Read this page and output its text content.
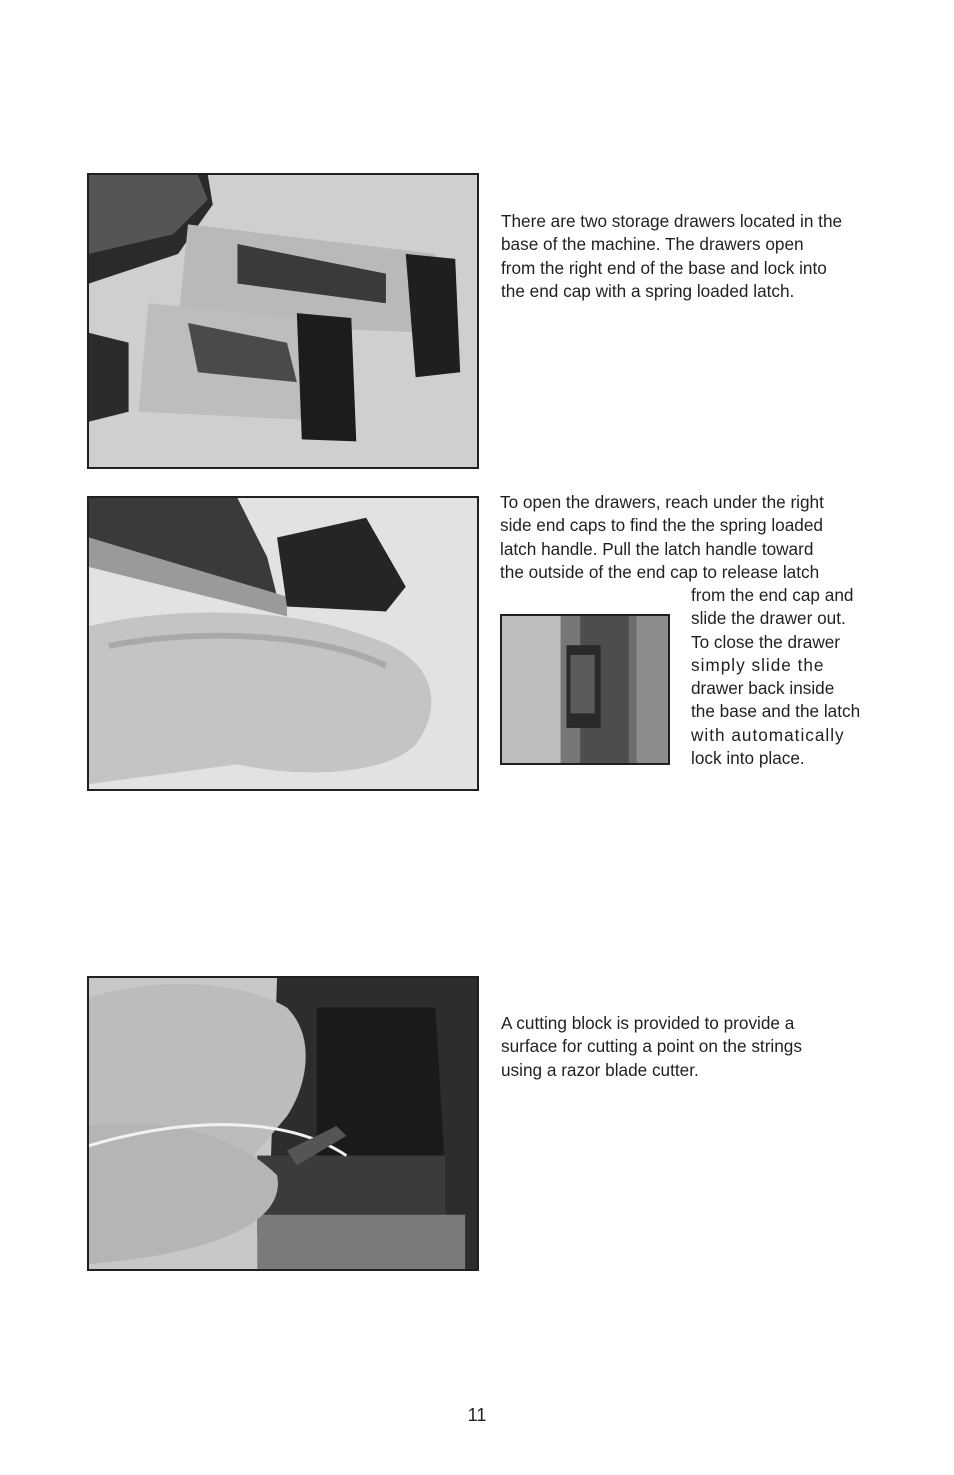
There are two storage drawers located in the
base of the machine. The drawers open
from the right end of the base and lock into
the end cap with a spring loaded latch.
To open the drawers, reach under the right
side end caps to find the the spring loaded
latch handle. Pull the latch handle toward
the outside of the end cap to release latch
from the end cap and
slide the drawer out.
To close the drawer
simply slide the
drawer back inside
the base and the latch
with automatically
lock into place.
A cutting block is provided to provide a
surface for cutting a point on the strings
using a razor blade cutter.
11
